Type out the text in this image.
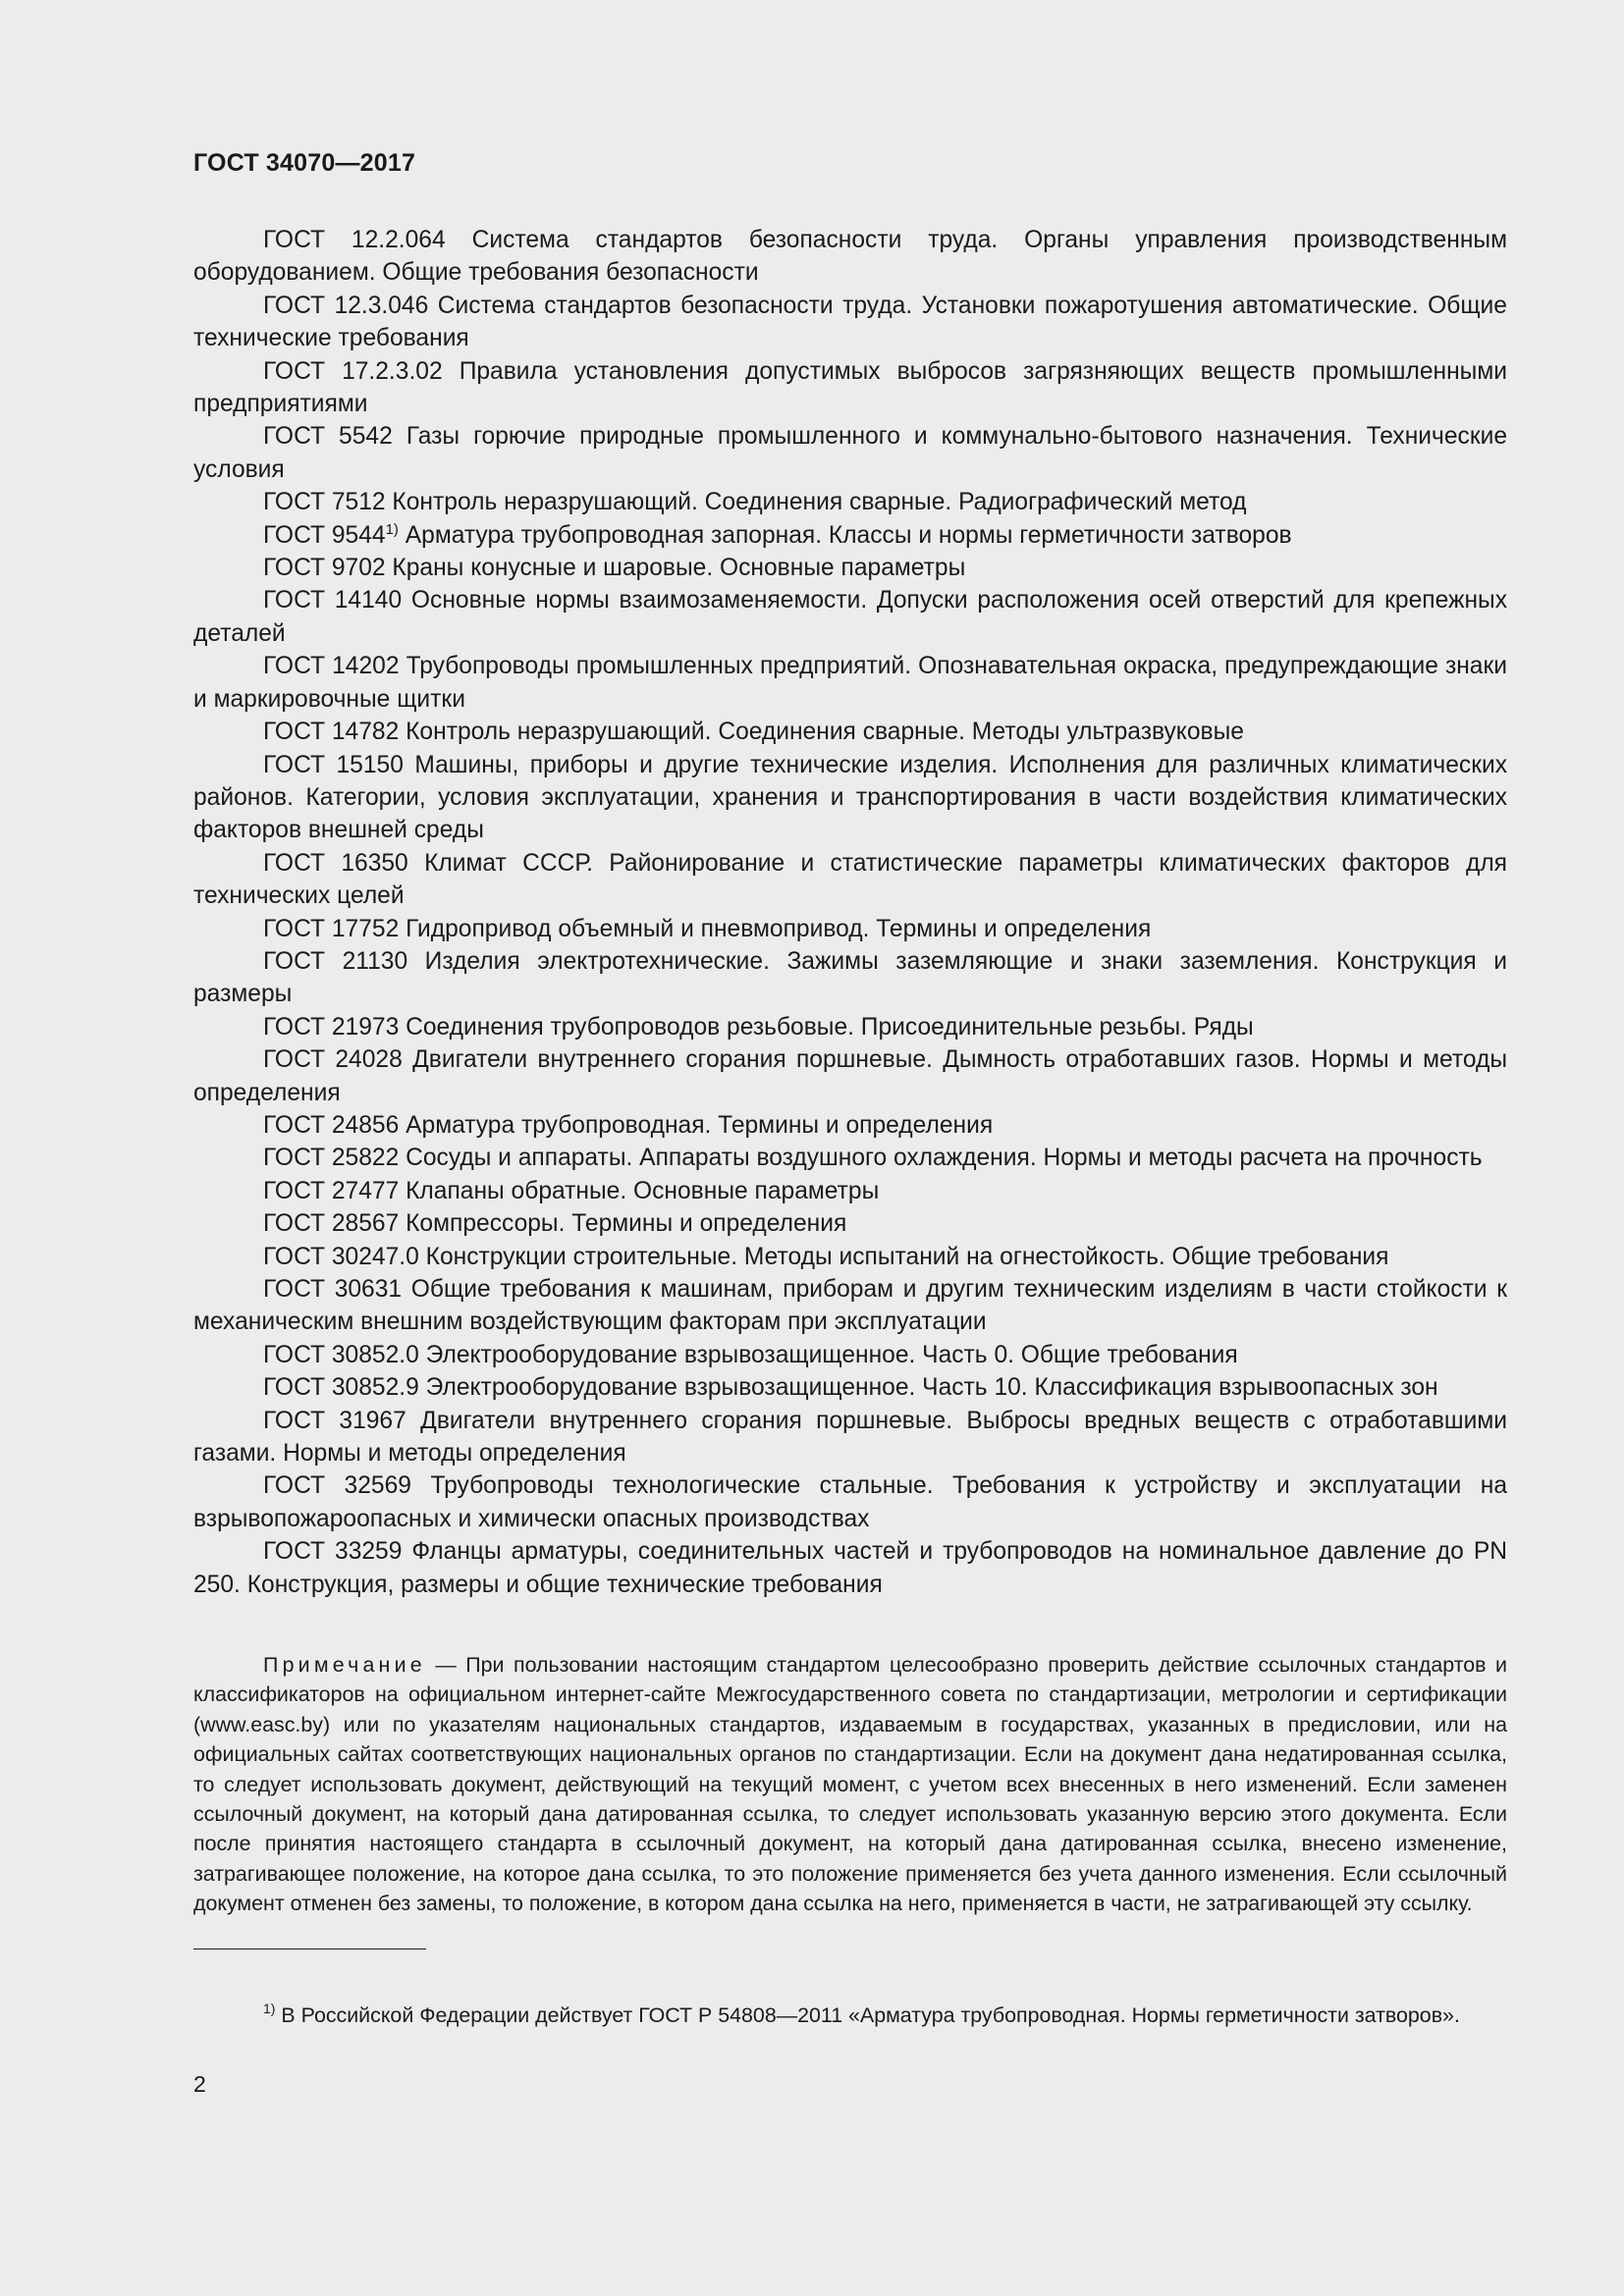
ГОСТ 34070—2017

ГОСТ 12.2.064 Система стандартов безопасности труда. Органы управления производственным оборудованием. Общие требования безопасности

ГОСТ 12.3.046 Система стандартов безопасности труда. Установки пожаротушения автоматические. Общие технические требования

ГОСТ 17.2.3.02 Правила установления допустимых выбросов загрязняющих веществ промышленными предприятиями

ГОСТ 5542 Газы горючие природные промышленного и коммунально-бытового назначения. Технические условия

ГОСТ 7512 Контроль неразрушающий. Соединения сварные. Радиографический метод

ГОСТ 9544$^{1)}$ Арматура трубопроводная запорная. Классы и нормы герметичности затворов

ГОСТ 9702 Краны конусные и шаровые. Основные параметры

ГОСТ 14140 Основные нормы взаимозаменяемости. Допуски расположения осей отверстий для крепежных деталей

ГОСТ 14202 Трубопроводы промышленных предприятий. Опознавательная окраска, предупреждающие знаки и маркировочные щитки

ГОСТ 14782 Контроль неразрушающий. Соединения сварные. Методы ультразвуковые

ГОСТ 15150 Машины, приборы и другие технические изделия. Исполнения для различных климатических районов. Категории, условия эксплуатации, хранения и транспортирования в части воздействия климатических факторов внешней среды

ГОСТ 16350 Климат СССР. Районирование и статистические параметры климатических факторов для технических целей

ГОСТ 17752 Гидропривод объемный и пневмопривод. Термины и определения

ГОСТ 21130 Изделия электротехнические. Зажимы заземляющие и знаки заземления. Конструкция и размеры

ГОСТ 21973 Соединения трубопроводов резьбовые. Присоединительные резьбы. Ряды

ГОСТ 24028 Двигатели внутреннего сгорания поршневые. Дымность отработавших газов. Нормы и методы определения

ГОСТ 24856 Арматура трубопроводная. Термины и определения

ГОСТ 25822 Сосуды и аппараты. Аппараты воздушного охлаждения. Нормы и методы расчета на прочность

ГОСТ 27477 Клапаны обратные. Основные параметры

ГОСТ 28567 Компрессоры. Термины и определения

ГОСТ 30247.0 Конструкции строительные. Методы испытаний на огнестойкость. Общие требования

ГОСТ 30631 Общие требования к машинам, приборам и другим техническим изделиям в части стойкости к механическим внешним воздействующим факторам при эксплуатации

ГОСТ 30852.0 Электрооборудование взрывозащищенное. Часть 0. Общие требования

ГОСТ 30852.9 Электрооборудование взрывозащищенное. Часть 10. Классификация взрывоопасных зон

ГОСТ 31967 Двигатели внутреннего сгорания поршневые. Выбросы вредных веществ с отработавшими газами. Нормы и методы определения

ГОСТ 32569 Трубопроводы технологические стальные. Требования к устройству и эксплуатации на взрывопожароопасных и химически опасных производствах

ГОСТ 33259 Фланцы арматуры, соединительных частей и трубопроводов на номинальное давление до PN 250. Конструкция, размеры и общие технические требования

Примечание — При пользовании настоящим стандартом целесообразно проверить действие ссылочных стандартов и классификаторов на официальном интернет-сайте Межгосударственного совета по стандартизации, метрологии и сертификации (www.easc.by) или по указателям национальных стандартов, издаваемым в государствах, указанных в предисловии, или на официальных сайтах соответствующих национальных органов по стандартизации. Если на документ дана недатированная ссылка, то следует использовать документ, действующий на текущий момент, с учетом всех внесенных в него изменений. Если заменен ссылочный документ, на который дана датированная ссылка, то следует использовать указанную версию этого документа. Если после принятия настоящего стандарта в ссылочный документ, на который дана датированная ссылка, внесено изменение, затрагивающее положение, на которое дана ссылка, то это положение применяется без учета данного изменения. Если ссылочный документ отменен без замены, то положение, в котором дана ссылка на него, применяется в части, не затрагивающей эту ссылку.

$^{1)}$ В Российской Федерации действует ГОСТ Р 54808—2011 «Арматура трубопроводная. Нормы герметичности затворов».

2
